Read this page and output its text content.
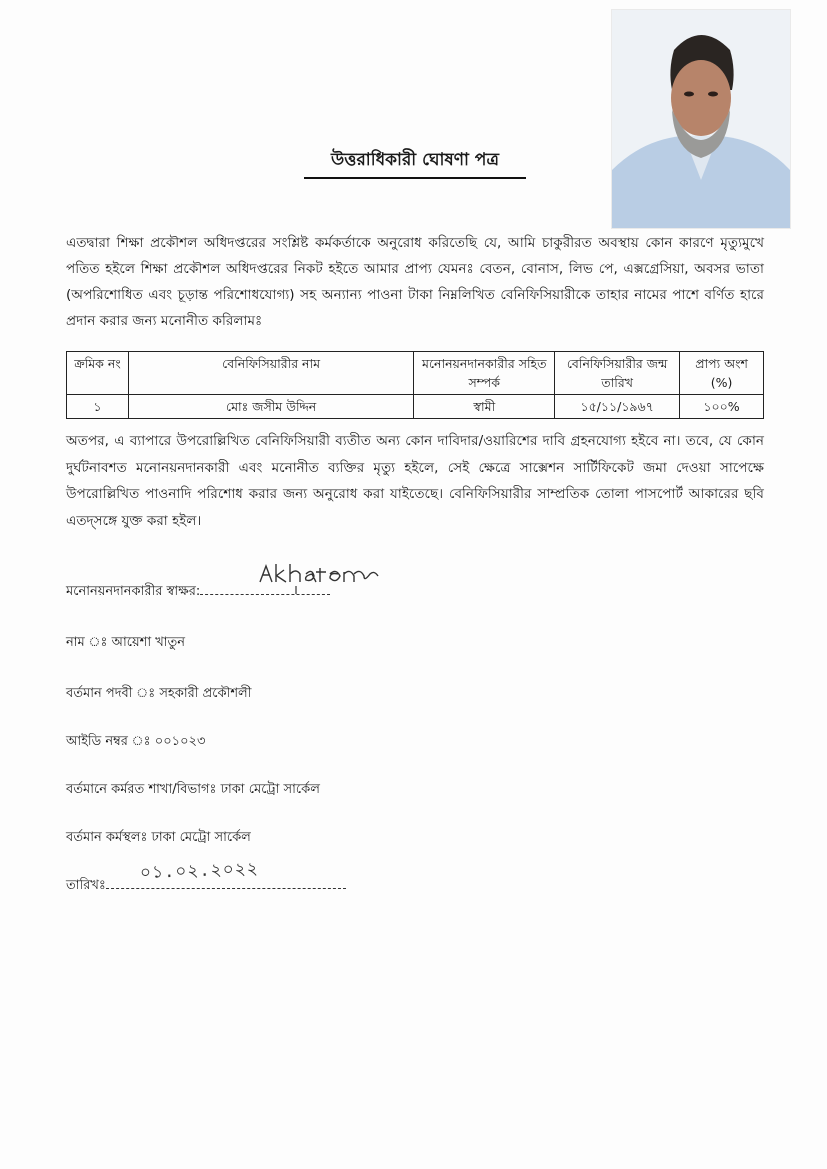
উত্তরাধিকারী ঘোষণা পত্র

এতদ্বারা শিক্ষা প্রকৌশল অধিদপ্তরের সংশ্লিষ্ট কর্মকর্তাকে অনুরোধ করিতেছি যে, আমি চাকুরীরত অবস্থায় কোন কারণে মৃত্যুমুখে পতিত হইলে শিক্ষা প্রকৌশল অধিদপ্তরের নিকট হইতে আমার প্রাপ্য যেমনঃ বেতন, বোনাস, লিভ পে, এক্সগ্রেসিয়া, অবসর ভাতা (অপরিশোধিত এবং চূড়ান্ত পরিশোধযোগ্য) সহ অন্যান্য পাওনা টাকা নিম্নলিখিত বেনিফিসিয়ারীকে তাহার নামের পাশে বর্ণিত হারে প্রদান করার জন্য মনোনীত করিলামঃ

ক্রমিক নং	বেনিফিসিয়ারীর নাম	মনোনয়নদানকারীর সহিত সম্পর্ক	বেনিফিসিয়ারীর জন্ম তারিখ	প্রাপ্য অংশ (%)
১	মোঃ জসীম উদ্দিন	স্বামী	১৫/১১/১৯৬৭	১০০%

অতপর, এ ব্যাপারে উপরোল্লিখিত বেনিফিসিয়ারী ব্যতীত অন্য কোন দাবিদার/ওয়ারিশের দাবি গ্রহনযোগ্য হইবে না। তবে, যে কোন দুর্ঘটনাবশত মনোনয়নদানকারী এবং মনোনীত ব্যক্তির মৃত্যু হইলে, সেই ক্ষেত্রে সাক্সেশন সার্টিফিকেট জমা দেওয়া সাপেক্ষে উপরোল্লিখিত পাওনাদি পরিশোধ করার জন্য অনুরোধ করা যাইতেছে। বেনিফিসিয়ারীর সাম্প্রতিক তোলা পাসপোর্ট আকারের ছবি এতদ্‌সঙ্গে যুক্ত করা হইল।

মনোনয়নদানকারীর স্বাক্ষর:
নাম ঃ আয়েশা খাতুন
বর্তমান পদবী ঃ সহকারী প্রকৌশলী
আইডি নম্বর ঃ ০০১০২৩
বর্তমানে কর্মরত শাখা/বিভাগঃ ঢাকা মেট্রো সার্কেল
বর্তমান কর্মস্থলঃ ঢাকা মেট্রো সার্কেল
তারিখঃ
০১.০২.২০২২
